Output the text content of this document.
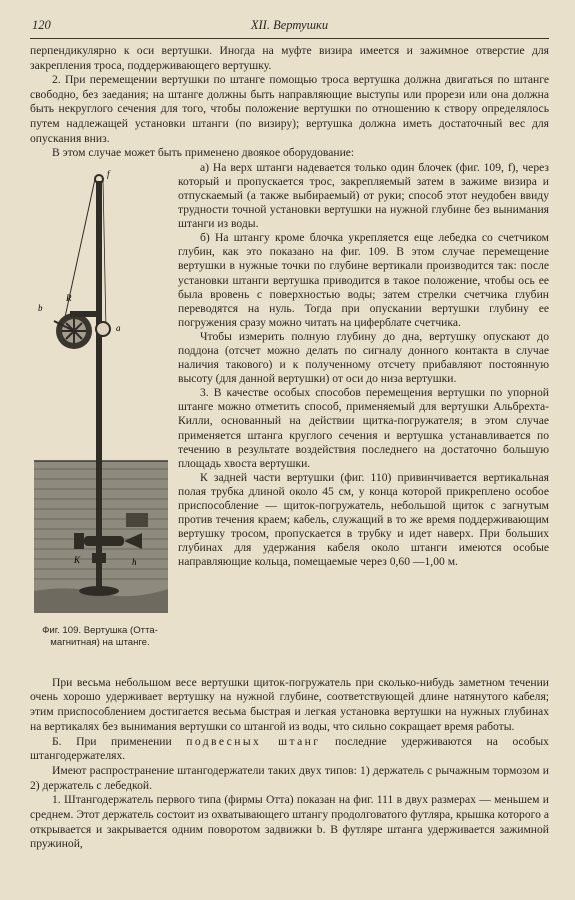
120	XII. Вертушки

перпендикулярно к оси вертушки. Иногда на муфте визира имеется и зажимное отверстие для закрепления троса, поддерживающего вертушку.

2. При перемещении вертушки по штанге помощью троса вертушка должна двигаться по штанге свободно, без заедания; на штанге должны быть направляющие выступы или прорези или она должна быть некруглого сечения для того, чтобы положение вертушки по отношению к створу определялось путем надлежащей установки штанги (по визиру); вертушка должна иметь достаточный вес для опускания вниз.

В этом случае может быть применено двоякое оборудование:

f
b
R
a
K	h
Фиг. 109. Вертушка (Отта-магнитная) на штанге.

а) На верх штанги надевается только один блочек (фиг. 109, f), через который и пропускается трос, закрепляемый затем в зажиме визира и отпускаемый (а также выбираемый) от руки; способ этот неудобен ввиду трудности точной установки вертушки на нужной глубине без вынимания штанги из воды.

б) На штангу кроме блочка укрепляется еще лебедка со счетчиком глубин, как это показано на фиг. 109. В этом случае перемещение вертушки в нужные точки по глубине вертикали производится так: после установки штанги вертушка приводится в такое положение, чтобы ось ее была вровень с поверхностью воды; затем стрелки счетчика глубин переводятся на нуль. Тогда при опускании вертушки глубину ее погружения сразу можно читать на циферблате счетчика.

Чтобы измерить полную глубину до дна, вертушку опускают до поддона (отсчет можно делать по сигналу донного контакта в случае наличия такового) и к полученному отсчету прибавляют постоянную высоту (для данной вертушки) от оси до низа вертушки.

3. В качестве особых способов перемещения вертушки по упорной штанге можно отметить способ, применяемый для вертушки Альбрехта-Килли, основанный на действии щитка-погружателя; в этом случае применяется штанга круглого сечения и вертушка устанавливается по течению в результате воздействия последнего на достаточно большую площадь хвоста вертушки.

К задней части вертушки (фиг. 110) привинчивается вертикальная полая трубка длиной около 45 см, у конца которой прикреплено особое приспособление — щиток-погружатель, небольшой щиток с загнутым против течения краем; кабель, служащий в то же время поддерживающим вертушку тросом, пропускается в трубку и идет наверх. При больших глубинах для удержания кабеля около штанги имеются особые направляющие кольца, помещаемые через 0,60 —1,00 м.

При весьма небольшом весе вертушки щиток-погружатель при сколько-нибудь заметном течении очень хорошо удерживает вертушку на нужной глубине, соответствующей длине натянутого кабеля; этим приспособлением достигается весьма быстрая и легкая установка вертушки на нужных глубинах на вертикалях без вынимания вертушки со штангой из воды, что сильно сокращает время работы.

Б. При применении подвесных штанг последние удерживаются на особых штангодержателях.

Имеют распространение штангодержатели таких двух типов: 1) держатель с рычажным тормозом и 2) держатель с лебедкой.

1. Штангодержатель первого типа (фирмы Отта) показан на фиг. 111 в двух размерах — меньшем и среднем. Этот держатель состоит из охватывающего штангу продолговатого футляра, крышка которого a открывается и закрывается одним поворотом задвижки b. В футляре штанга удерживается зажимной пружиной,
